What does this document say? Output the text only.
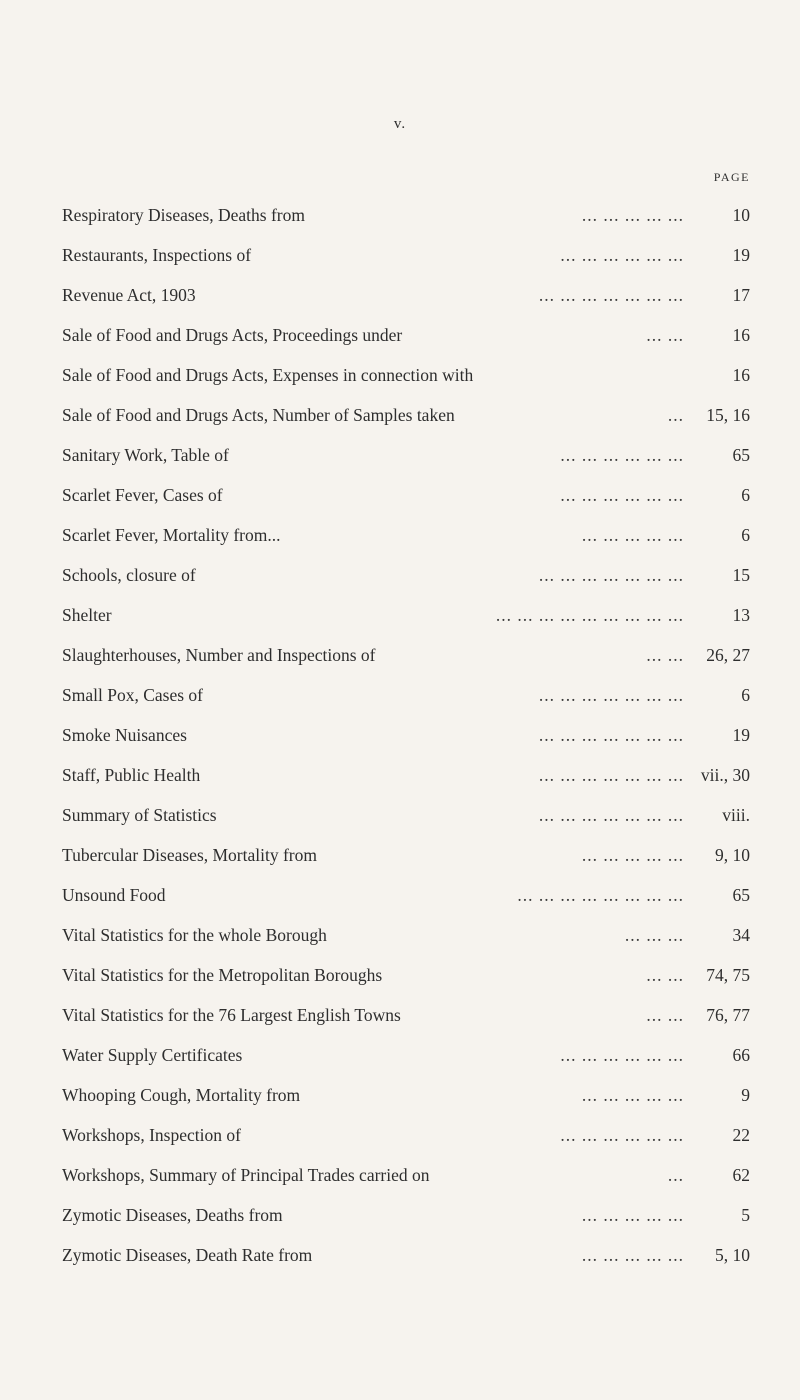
v.
PAGE
Respiratory Diseases, Deaths from	... ... ... ... ...	10
Restaurants, Inspections of	... ... ... ... ... ...	19
Revenue Act, 1903	... ... ... ... ... ... ...	17
Sale of Food and Drugs Acts, Proceedings under	... ...	16
Sale of Food and Drugs Acts, Expenses in connection with	16
Sale of Food and Drugs Acts, Number of Samples taken	...	15, 16
Sanitary Work, Table of	... ... ... ... ... ...	65
Scarlet Fever, Cases of	... ... ... ... ... ...	6
Scarlet Fever, Mortality from...	... ... ... ... ...	6
Schools, closure of	... ... ... ... ... ... ...	15
Shelter	... ... ... ... ... ... ... ... ...	13
Slaughterhouses, Number and Inspections of	... ...	26, 27
Small Pox, Cases of	... ... ... ... ... ... ...	6
Smoke Nuisances	... ... ... ... ... ... ...	19
Staff, Public Health	... ... ... ... ... ... ... vii., 30
Summary of Statistics	... ... ... ... ... ... ...	viii.
Tubercular Diseases, Mortality from	... ... ... ... ...	9, 10
Unsound Food	... ... ... ... ... ... ... ...	65
Vital Statistics for the whole Borough	... ... ...	34
Vital Statistics for the Metropolitan Boroughs	... ...	74, 75
Vital Statistics for the 76 Largest English Towns	... ...	76, 77
Water Supply Certificates	... ... ... ... ... ...	66
Whooping Cough, Mortality from	... ... ... ... ...	9
Workshops, Inspection of	... ... ... ... ... ...	22
Workshops, Summary of Principal Trades carried on	...	62
Zymotic Diseases, Deaths from	... ... ... ... ...	5
Zymotic Diseases, Death Rate from	... ... ... ... ...	5, 10
